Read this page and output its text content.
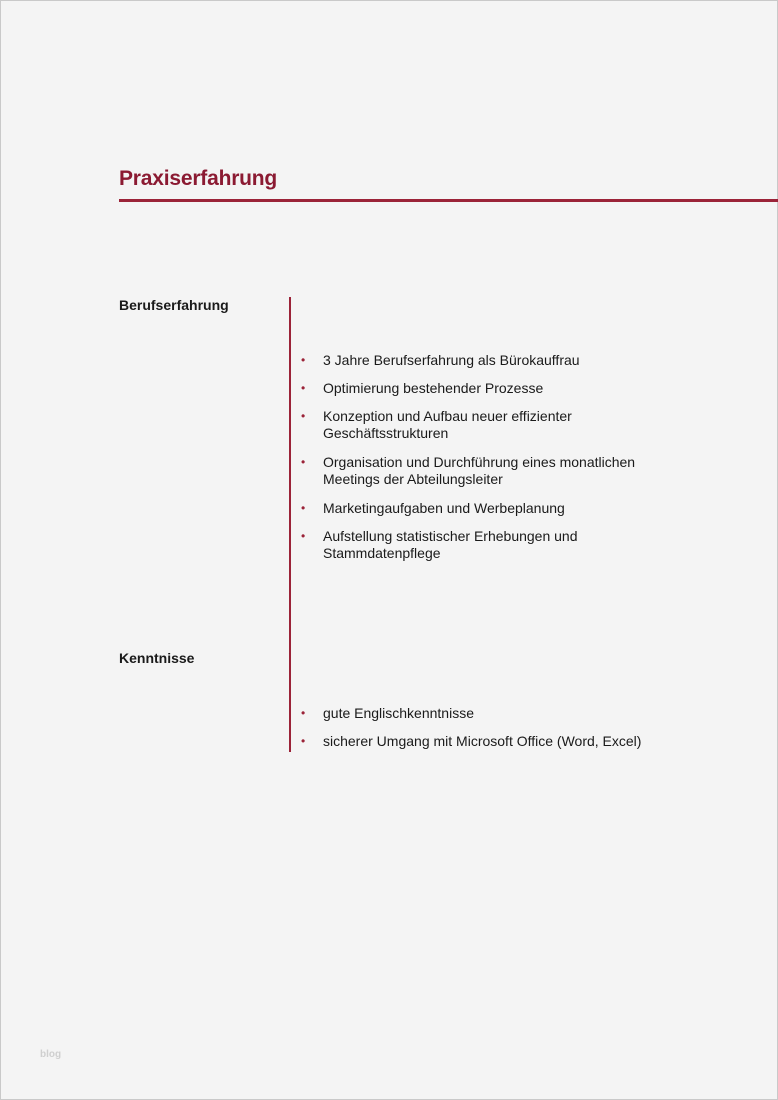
Praxiserfahrung
Berufserfahrung
• 3 Jahre Berufserfahrung als Bürokauffrau
• Optimierung bestehender Prozesse
• Konzeption und Aufbau neuer effizienter Geschäftsstrukturen
• Organisation und Durchführung eines monatlichen Meetings der Abteilungsleiter
• Marketingaufgaben und Werbeplanung
• Aufstellung statistischer Erhebungen und Stammdatenpflege
Kenntnisse
• gute Englischkenntnisse
• sicherer Umgang mit Microsoft Office (Word, Excel)
blog
